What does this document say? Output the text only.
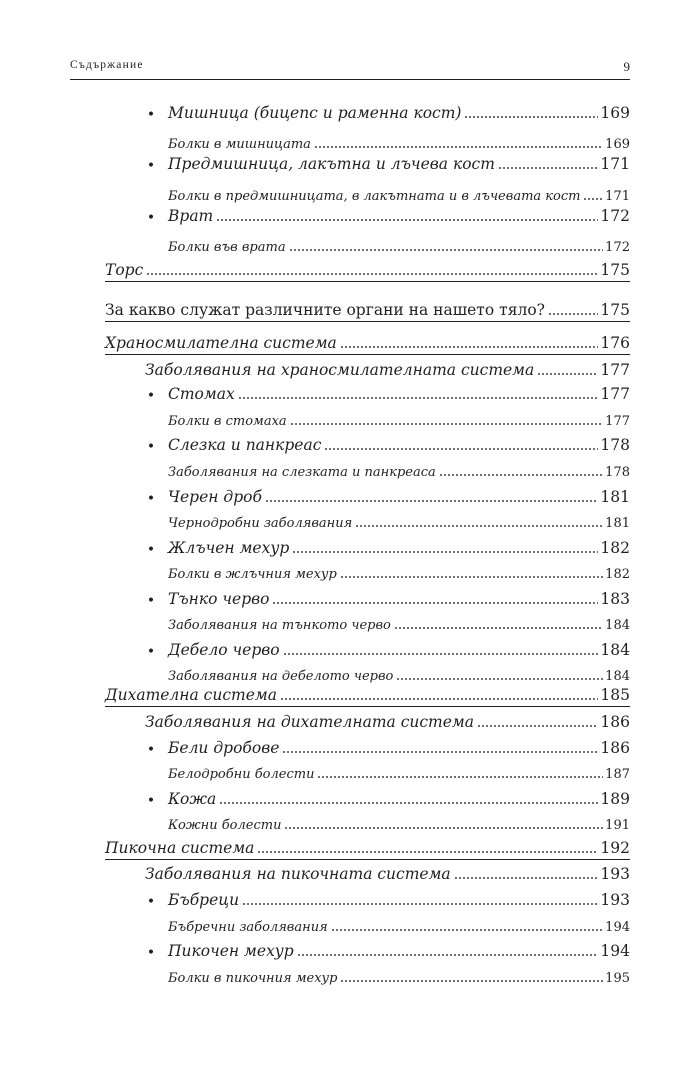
Съдържание	9
• Мишница (бицепс и раменна кост)	169
Болки в мишницата	169
• Предмишница, лакътна и лъчева кост	171
Болки в предмишницата, в лакътната и в лъчевата кост 171
• Врат	172
Болки във врата	172
Торс	175
За какво служат различните органи на нашето тяло?	175
Храносмилателна система	176
Заболявания на храносмилателната система	177
• Стомах	177
Болки в стомаха	177
• Слезка и панкреас	178
Заболявания на слезката и панкреаса	178
• Черен дроб	181
Чернодробни заболявания	181
• Жлъчен мехур	182
Болки в жлъчния мехур	182
• Тънко черво	183
Заболявания на тънкото черво	184
• Дебело черво	184
Заболявания на дебелото черво	184
Дихателна система	185
Заболявания на дихателната система	186
• Бели дробове	186
Белодробни болести	187
• Кожа	189
Кожни болести	191
Пикочна система	192
Заболявания на пикочната система	193
• Бъбреци	193
Бъбречни заболявания	194
• Пикочен мехур	194
Болки в пикочния мехур	195
